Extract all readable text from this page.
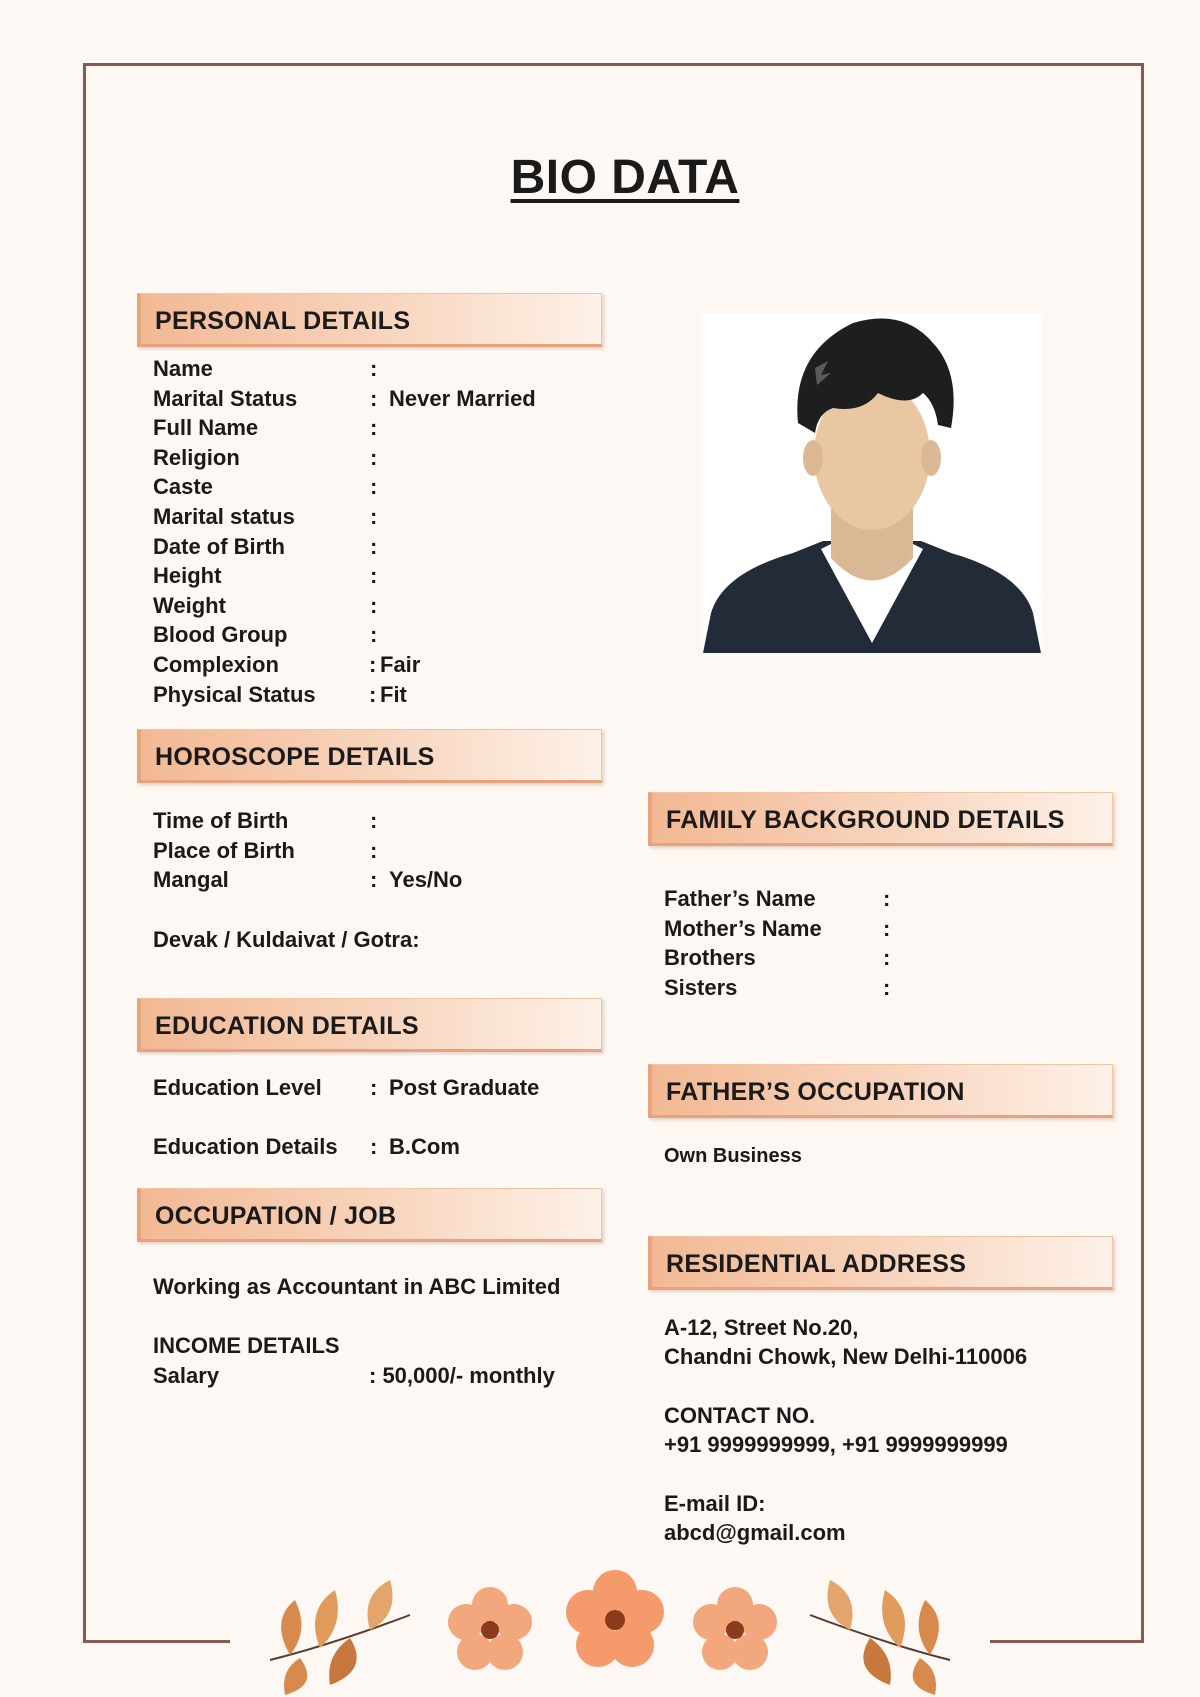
BIO DATA
PERSONAL DETAILS
Name	:
Marital Status	: Never Married
Full Name	:
Religion	:
Caste	:
Marital status	:
Date of Birth	:
Height	:
Weight	:
Blood Group	:
Complexion	: Fair
Physical Status : Fit
HOROSCOPE DETAILS
Time of Birth	:
Place of Birth	:
Mangal	: Yes/No
Devak / Kuldaivat / Gotra:
EDUCATION DETAILS
Education Level : Post Graduate
Education Details : B.Com
OCCUPATION / JOB
Working as Accountant in ABC Limited
INCOME DETAILS
Salary	: 50,000/- monthly
FAMILY BACKGROUND DETAILS
Father’s Name	:
Mother’s Name	:
Brothers	:
Sisters	:
FATHER’S OCCUPATION
Own Business
RESIDENTIAL ADDRESS
A-12, Street No.20,
Chandni Chowk, New Delhi-110006
CONTACT NO.
+91 9999999999, +91 9999999999
E-mail ID:
abcd@gmail.com
